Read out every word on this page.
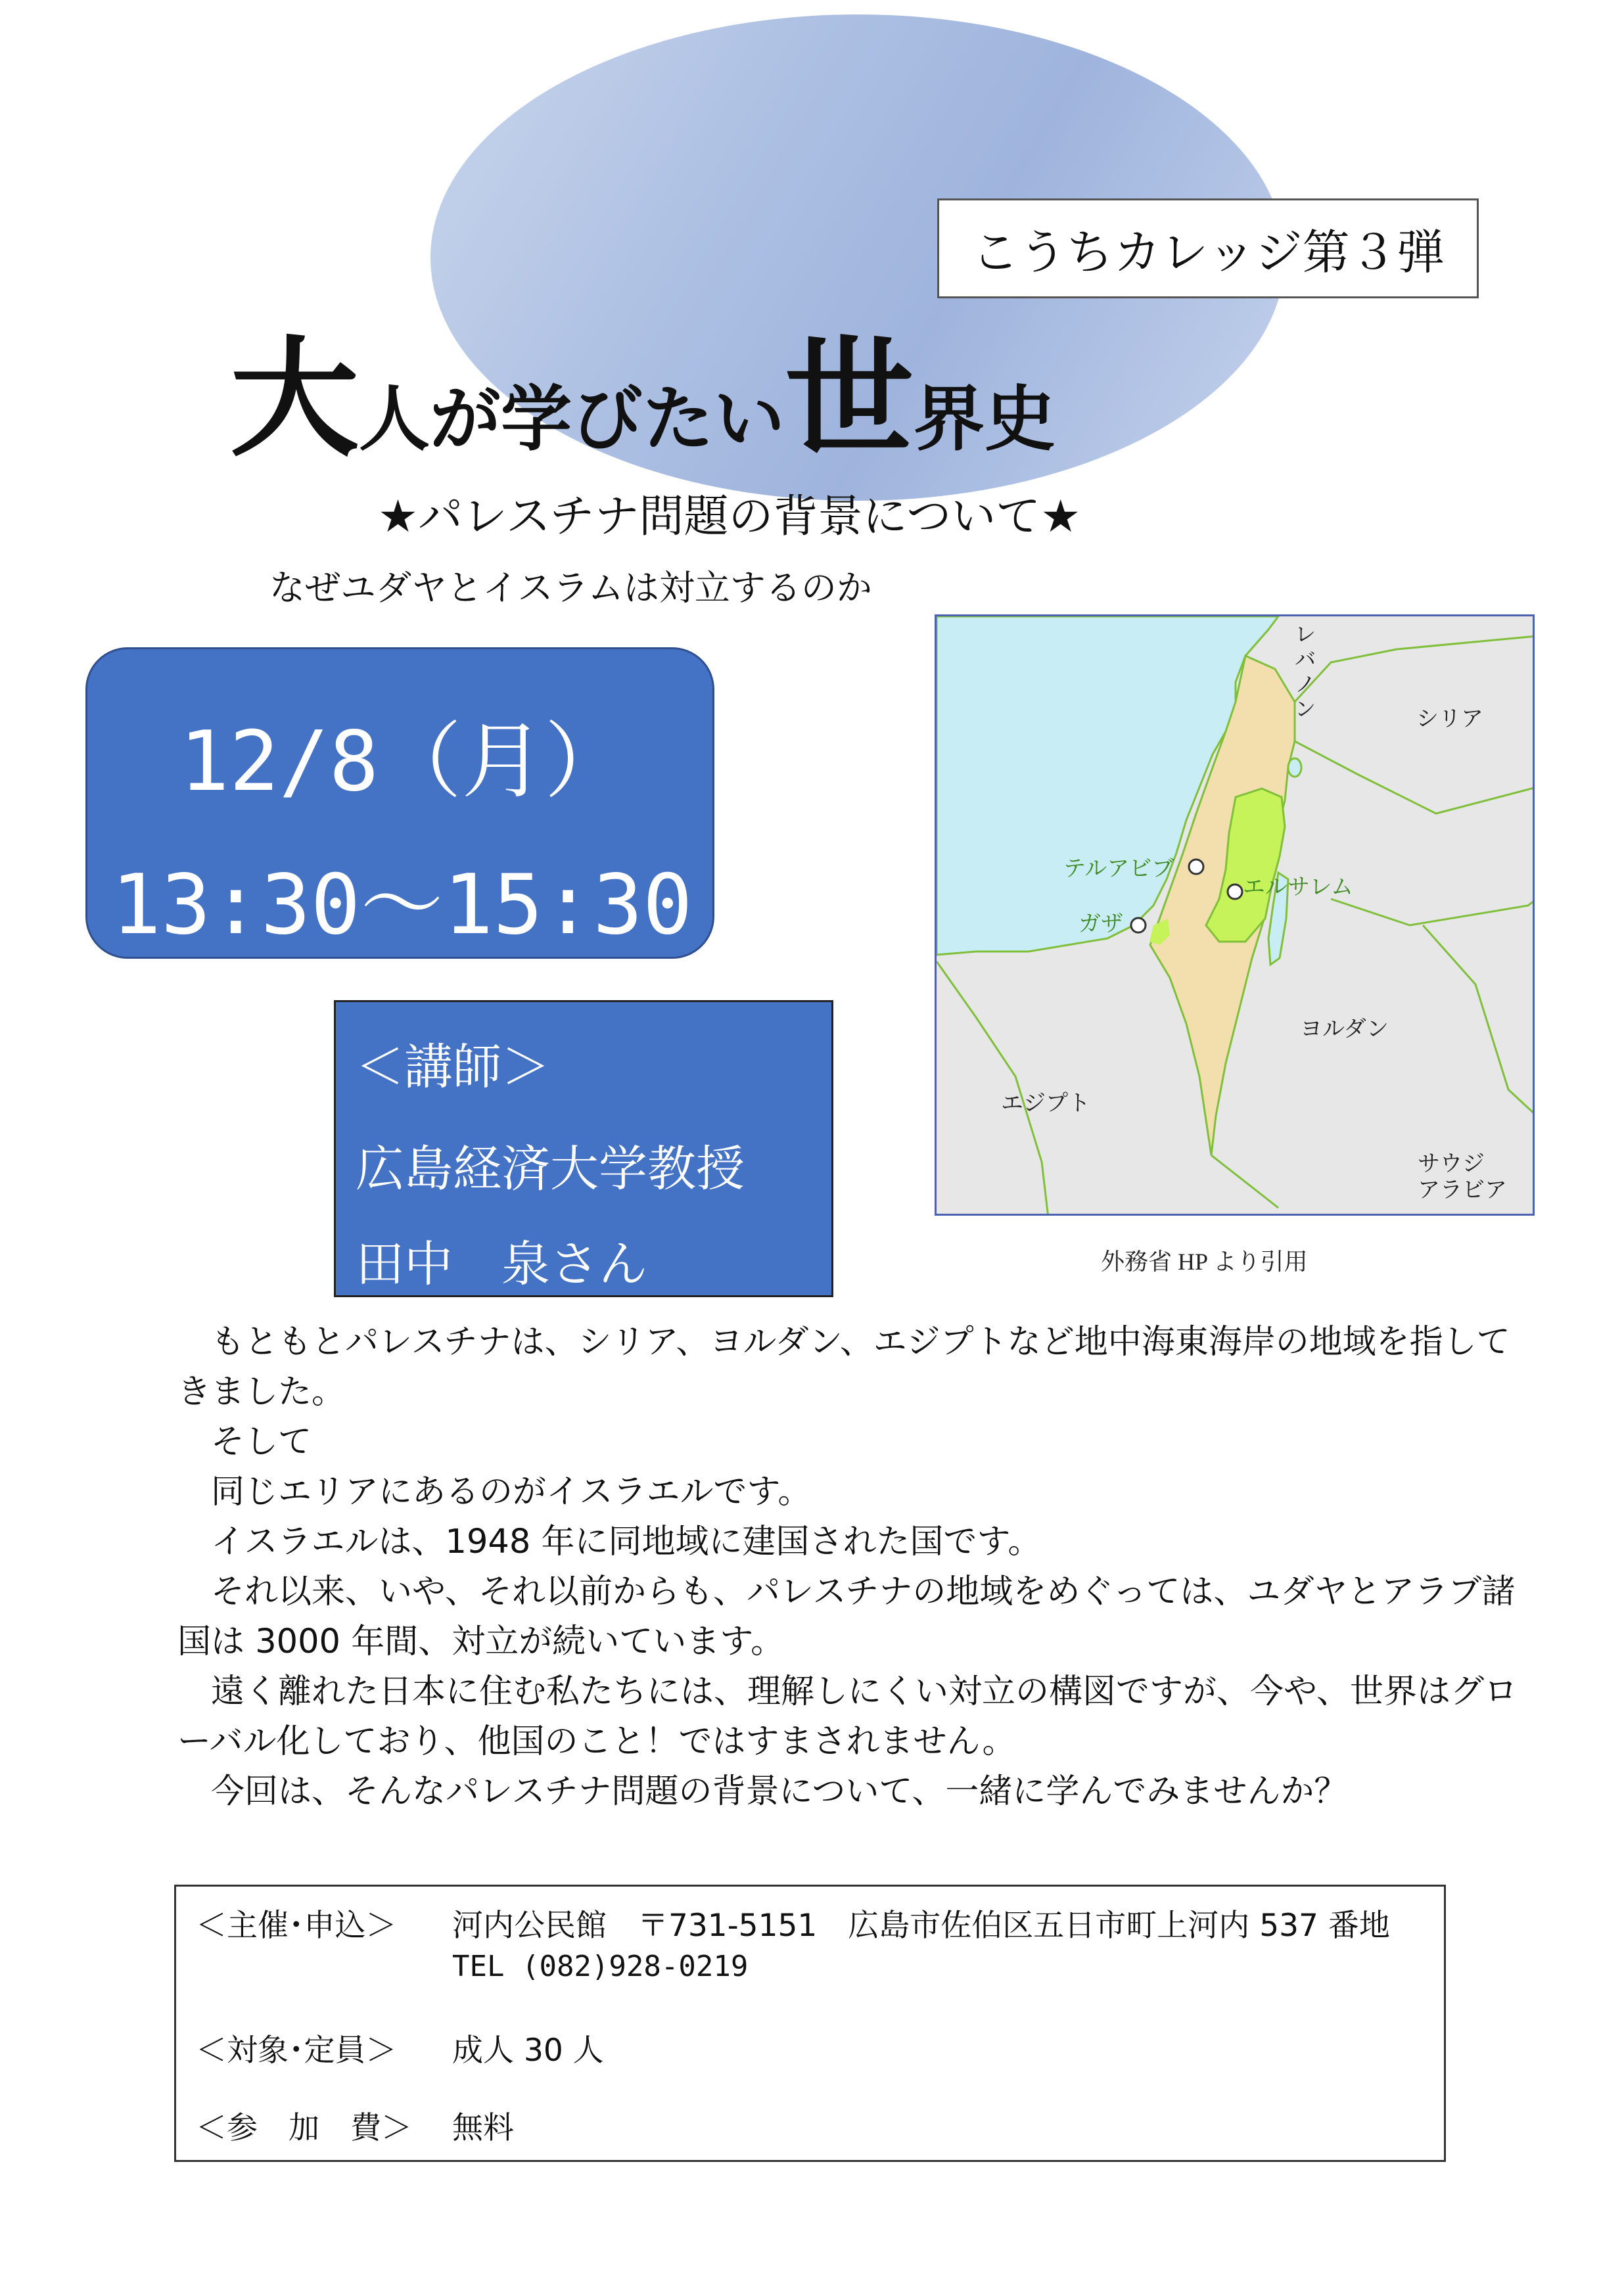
こうちカレッジ第３弾
大人が学びたい世界史
★パレスチナ問題の背景について★
なぜユダヤとイスラムは対立するのか
12/8（月）
13:30～15:30
＜講師＞
広島経済大学教授
田中　泉さん
レバノン	シリア
テルアビブ
エルサレム
ガザ
ヨルダン
エジプト
サウジ
アラビア
外務省 HP より引用

　もともとパレスチナは、シリア、ヨルダン、エジプトなど地中海東海岸の地域を指して

きました。

　そして

　同じエリアにあるのがイスラエルです。

　イスラエルは、1948 年に同地域に建国された国です。

　それ以来、いや、それ以前からも、パレスチナの地域をめぐっては、ユダヤとアラブ諸

国は 3000 年間、対立が続いています。

　遠く離れた日本に住む私たちには、理解しにくい対立の構図ですが、今や、世界はグロ

ーバル化しており、他国のこと！ではすまされません。

　今回は、そんなパレスチナ問題の背景について、一緒に学んでみませんか？

＜主催･申込＞ 河内公民館　〒731-5151　広島市佐伯区五日市町上河内 537 番地
TEL (082)928-0219
＜対象･定員＞ 成人 30 人
＜参　加　費＞ 無料
